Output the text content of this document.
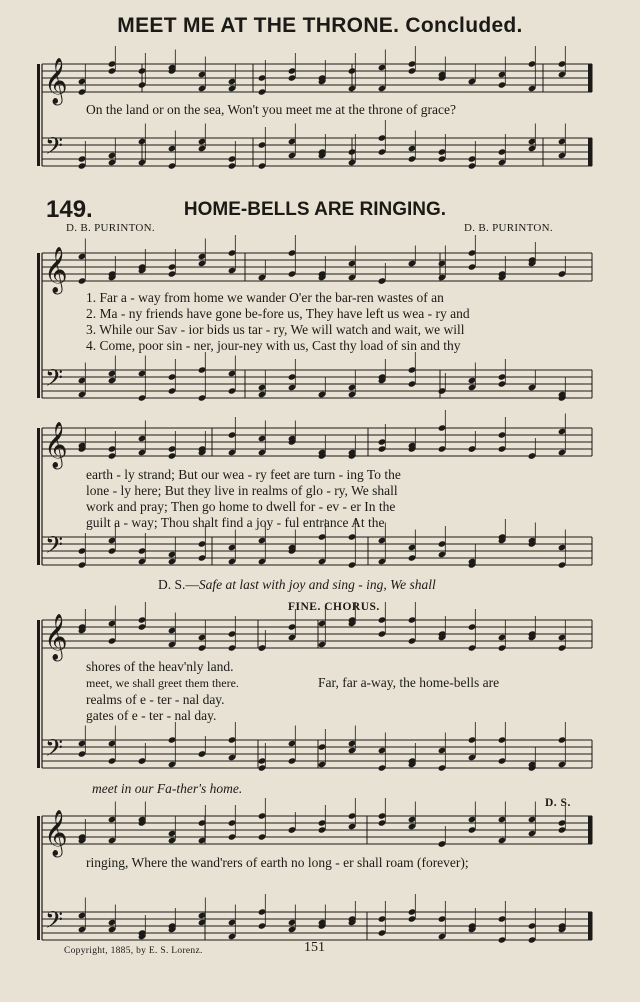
𝄞
𝄢
𝄞
𝄢
𝄞
𝄢
𝄞
𝄢
𝄞
𝄢
MEET ME AT THE THRONE. Concluded.
On the land or on the sea, Won't you meet me at the throne of grace?
149.	HOME-BELLS ARE RINGING.
D. B. PURINTON.	D. B. PURINTON.
1. Far a - way from home we wander O'er the bar-ren wastes of an
2. Ma - ny friends have gone be-fore us, They have left us wea - ry and
3. While our Sav - ior bids us tar - ry, We will watch and wait, we will
4. Come, poor sin - ner, jour-ney with us, Cast thy load of sin and thy
earth - ly strand; But our wea - ry feet are turn - ing To the
lone - ly here; But they live in realms of glo - ry, We shall
work and pray; Then go home to dwell for - ev - er In the
guilt a - way; Thou shalt find a joy - ful entrance At the
D. S.—Safe at last with joy and sing - ing, We shall
FINE. CHORUS.
shores of the heav'nly land.
meet, we shall greet them there.
realms of e - ter - nal day.
gates of e - ter - nal day.
Far, far a-way, the home-bells are
meet in our Fa-ther's home.
D. S.
ringing, Where the wand'rers of earth no long - er shall roam (forever);
Copyright, 1885, by E. S. Lorenz.	151
